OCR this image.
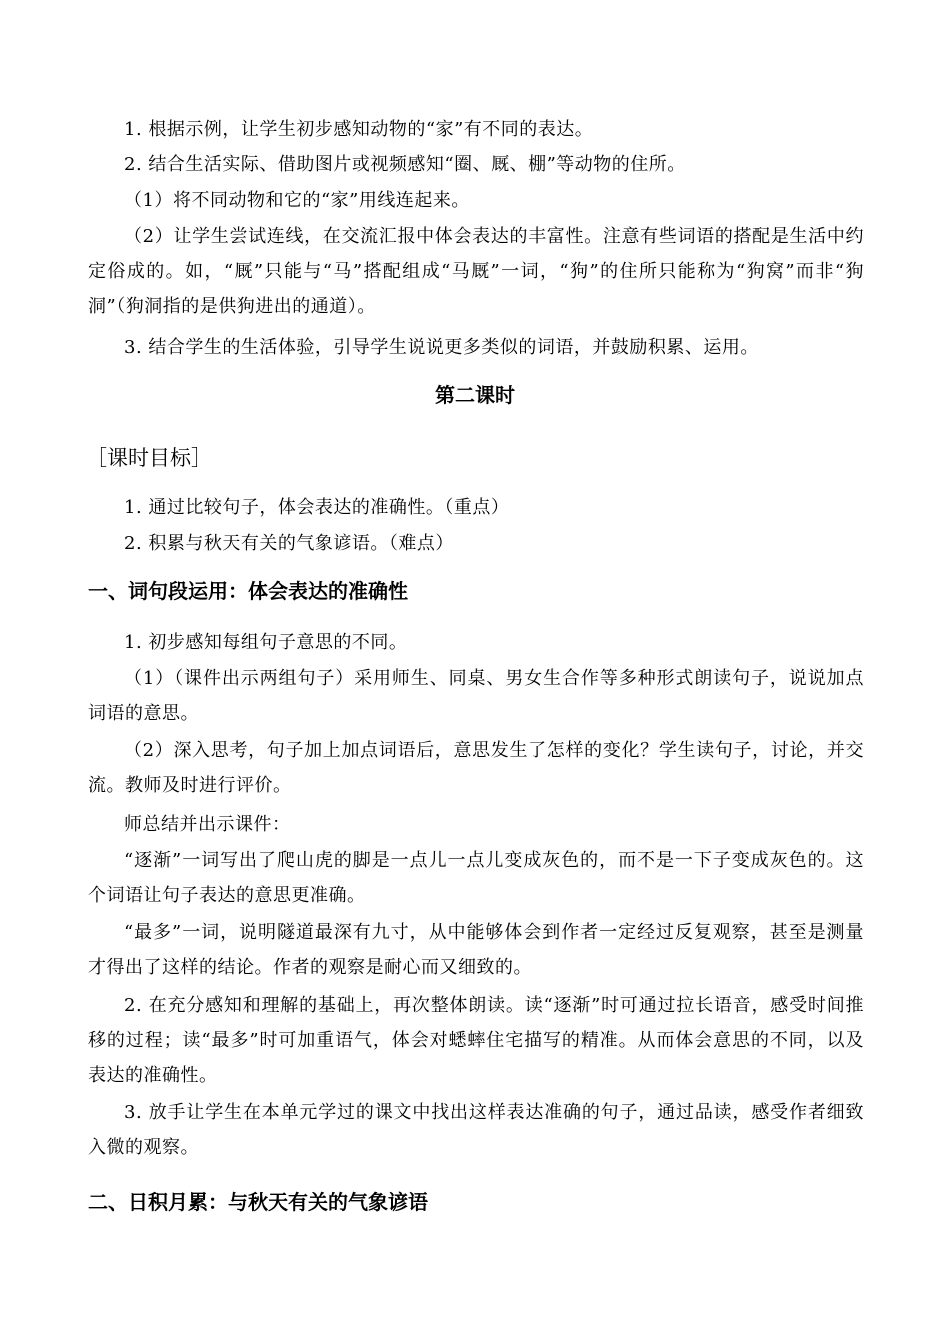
1. 根据示例，让学生初步感知动物的“家”有不同的表达。

2. 结合生活实际、借助图片或视频感知“圈、厩、棚”等动物的住所。

（1）将不同动物和它的“家”用线连起来。

（2）让学生尝试连线，在交流汇报中体会表达的丰富性。注意有些词语的搭配是生活中约定俗成的。如，“厩”只能与“马”搭配组成“马厩”一词，“狗”的住所只能称为“狗窝”而非“狗洞”（狗洞指的是供狗进出的通道）。

3. 结合学生的生活体验，引导学生说说更多类似的词语，并鼓励积累、运用。

第二课时
［课时目标］

1. 通过比较句子，体会表达的准确性。（重点）

2. 积累与秋天有关的气象谚语。（难点）

一、词句段运用：体会表达的准确性

1. 初步感知每组句子意思的不同。

（1）（课件出示两组句子）采用师生、同桌、男女生合作等多种形式朗读句子，说说加点词语的意思。

（2）深入思考，句子加上加点词语后，意思发生了怎样的变化？学生读句子，讨论，并交流。教师及时进行评价。

师总结并出示课件：

“逐渐”一词写出了爬山虎的脚是一点儿一点儿变成灰色的，而不是一下子变成灰色的。这个词语让句子表达的意思更准确。

“最多”一词，说明隧道最深有九寸，从中能够体会到作者一定经过反复观察，甚至是测量才得出了这样的结论。作者的观察是耐心而又细致的。

2. 在充分感知和理解的基础上，再次整体朗读。读“逐渐”时可通过拉长语音，感受时间推移的过程；读“最多”时可加重语气，体会对蟋蟀住宅描写的精准。从而体会意思的不同，以及表达的准确性。

3. 放手让学生在本单元学过的课文中找出这样表达准确的句子，通过品读，感受作者细致入微的观察。

二、日积月累：与秋天有关的气象谚语
